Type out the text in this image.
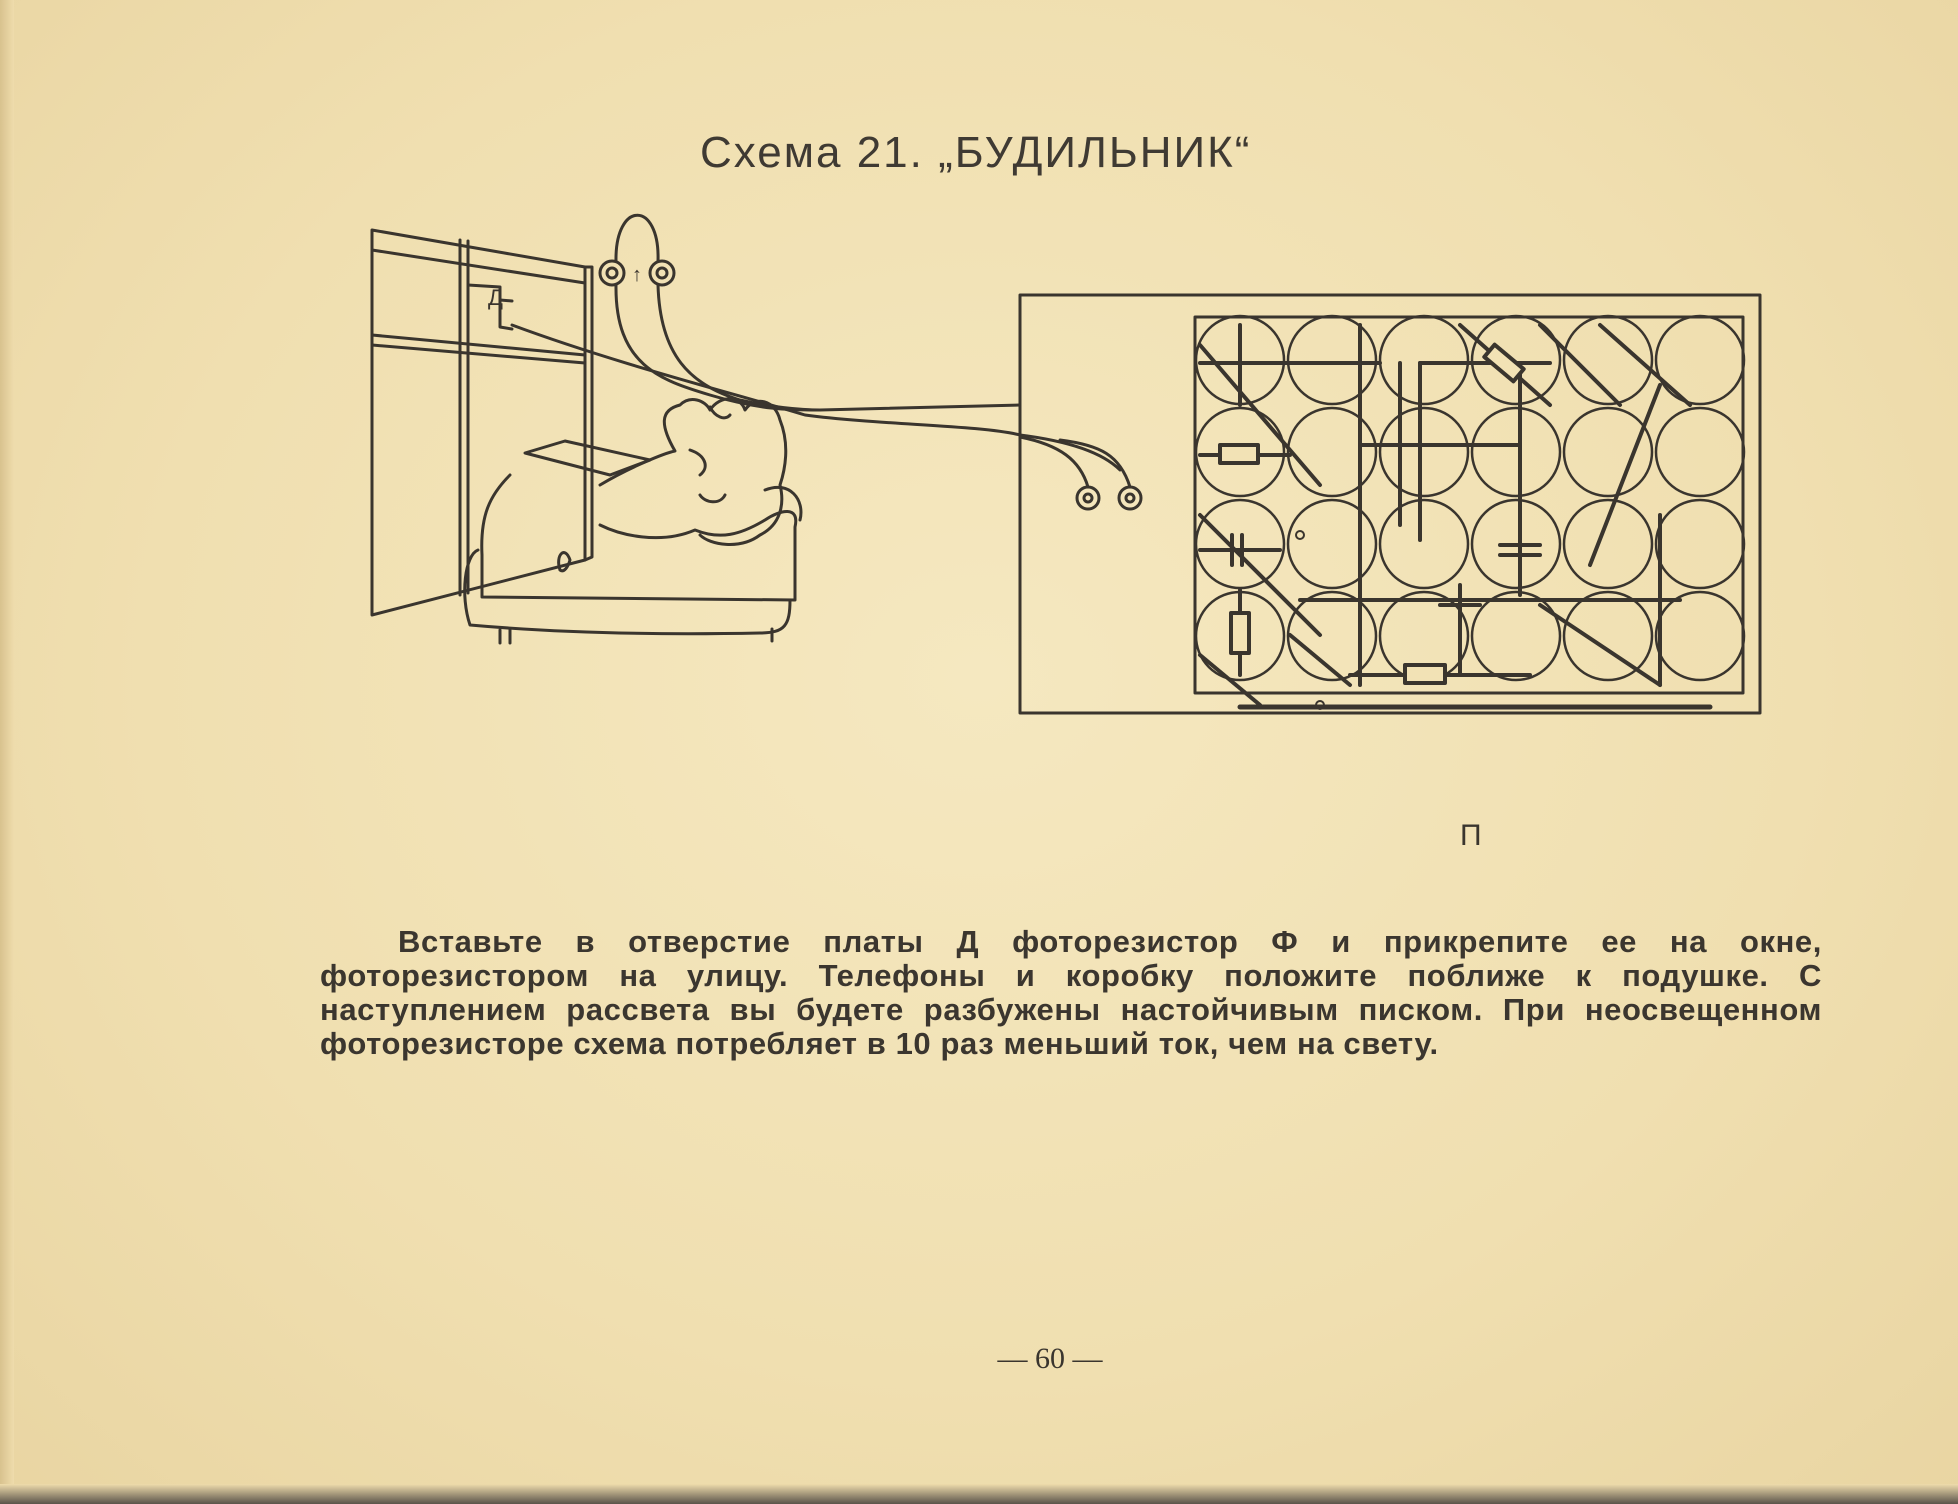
Схема 21. „БУДИЛЬНИК“
Д
↑
П

Вставьте в отверстие платы Д фоторезистор Ф и прикрепите ее на окне, фоторезистором на улицу. Телефоны и коробку положите поближе к подушке. С наступлением рассвета вы будете разбужены настойчивым писком. При неосвещенном фоторезисторе схема потребляет в 10 раз меньший ток, чем на свету.

— 60 —
